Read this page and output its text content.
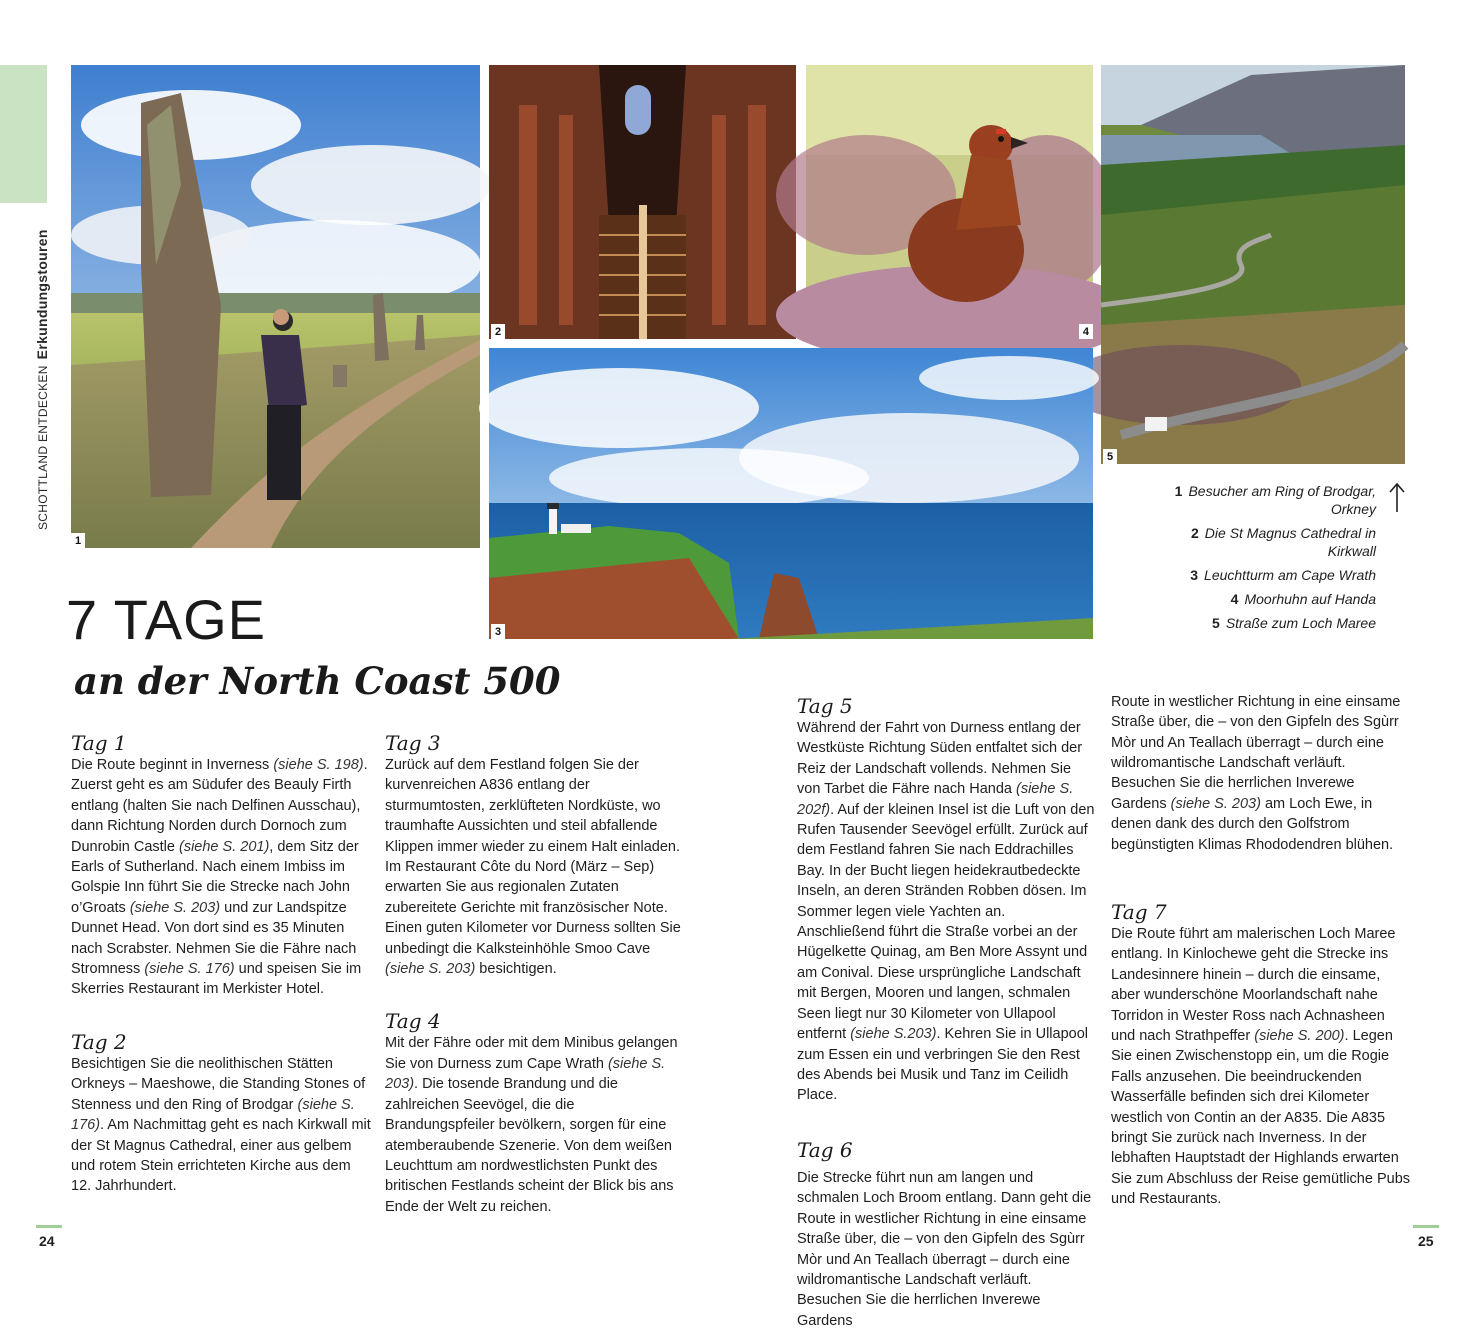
SCHOTTLAND ENTDECKENErkundungstouren
1
2	4
5
3
1 Besucher am Ring of Brodgar, Orkney
2 Die St Magnus Cathedral in Kirkwall
3 Leuchtturm am Cape Wrath
4 Moorhuhn auf Handa
5 Straße zum Loch Maree
7 TAGE
an der North Coast 500
Tag 1

Die Route beginnt in Inverness (siehe S. 198). Zuerst geht es am Südufer des Beauly Firth entlang (halten Sie nach Delfinen Ausschau), dann Richtung Norden durch Dornoch zum Dunrobin Castle (siehe S. 201), dem Sitz der Earls of Sutherland. Nach einem Imbiss im Golspie Inn führt Sie die Strecke nach John o’Groats (siehe S. 203) und zur Landspitze Dunnet Head. Von dort sind es 35 Minuten nach Scrabster. Nehmen Sie die Fähre nach Stromness (siehe S. 176) und speisen Sie im Skerries Restaurant im Merkister Hotel.

Tag 2

Besichtigen Sie die neolithischen Stätten Orkneys – Maeshowe, die Standing Stones of Stenness und den Ring of Brodgar (siehe S. 176). Am Nachmittag geht es nach Kirkwall mit der St Magnus Cathedral, einer aus gelbem und rotem Stein errichteten Kirche aus dem 12. Jahrhundert.

Tag 3

Zurück auf dem Festland folgen Sie der kurvenreichen A836 entlang der sturmumtosten, zerklüfteten Nordküste, wo traumhafte Aussichten und steil abfallende Klippen immer wieder zu einem Halt einladen. Im Restaurant Côte du Nord (März – Sep) erwarten Sie aus regionalen Zutaten zubereitete Gerichte mit französischer Note. Einen guten Kilometer vor Durness sollten Sie unbedingt die Kalksteinhöhle Smoo Cave (siehe S. 203) besichtigen.

Tag 4

Mit der Fähre oder mit dem Minibus gelangen Sie von Durness zum Cape Wrath (siehe S. 203). Die tosende Brandung und die zahlreichen Seevögel, die die Brandungspfeiler bevölkern, sorgen für eine atemberaubende Szenerie. Von dem weißen Leuchttum am nordwestlichsten Punkt des britischen Festlands scheint der Blick bis ans Ende der Welt zu reichen.

Tag 5

Während der Fahrt von Durness entlang der Westküste Richtung Süden entfaltet sich der Reiz der Landschaft vollends. Nehmen Sie von Tarbet die Fähre nach Handa (siehe S. 202f). Auf der kleinen Insel ist die Luft von den Rufen Tausender Seevögel erfüllt. Zurück auf dem Festland fahren Sie nach Eddrachilles Bay. In der Bucht liegen heidekrautbedeckte Inseln, an deren Stränden Robben dösen. Im Sommer legen viele Yachten an. Anschließend führt die Straße vorbei an der Hügelkette Quinag, am Ben More Assynt und am Conival. Diese ursprüngliche Landschaft mit Bergen, Mooren und langen, schmalen Seen liegt nur 30 Kilometer von Ullapool entfernt (siehe S.203). Kehren Sie in Ullapool zum Essen ein und verbringen Sie den Rest des Abends bei Musik und Tanz im Ceilidh Place.

Tag 6

Die Strecke führt nun am langen und schmalen Loch Broom entlang. Dann geht die Route in westlicher Richtung in eine einsame Straße über, die – von den Gipfeln des Sgùrr Mòr und An Teallach überragt – durch eine wildromantische Landschaft verläuft. Besuchen Sie die herrlichen Inverewe Gardens

Route in westlicher Richtung in eine einsame Straße über, die – von den Gipfeln des Sgùrr Mòr und An Teallach überragt – durch eine wildromantische Landschaft verläuft. Besuchen Sie die herrlichen Inverewe Gardens (siehe S. 203) am Loch Ewe, in denen dank des durch den Golfstrom begünstigten Klimas Rhododendren blühen.

Tag 7

Die Route führt am malerischen Loch Maree entlang. In Kinlochewe geht die Strecke ins Landesinnere hinein – durch die einsame, aber wunderschöne Moorlandschaft nahe Torridon in Wester Ross nach Achnasheen und nach Strathpeffer (siehe S. 200). Legen Sie einen Zwischenstopp ein, um die Rogie Falls anzusehen. Die beeindruckenden Wasserfälle befinden sich drei Kilometer westlich von Contin an der A835. Die A835 bringt Sie zurück nach Inverness. In der lebhaften Hauptstadt der Highlands erwarten Sie zum Abschluss der Reise gemütliche Pubs und Restaurants.

24	25
